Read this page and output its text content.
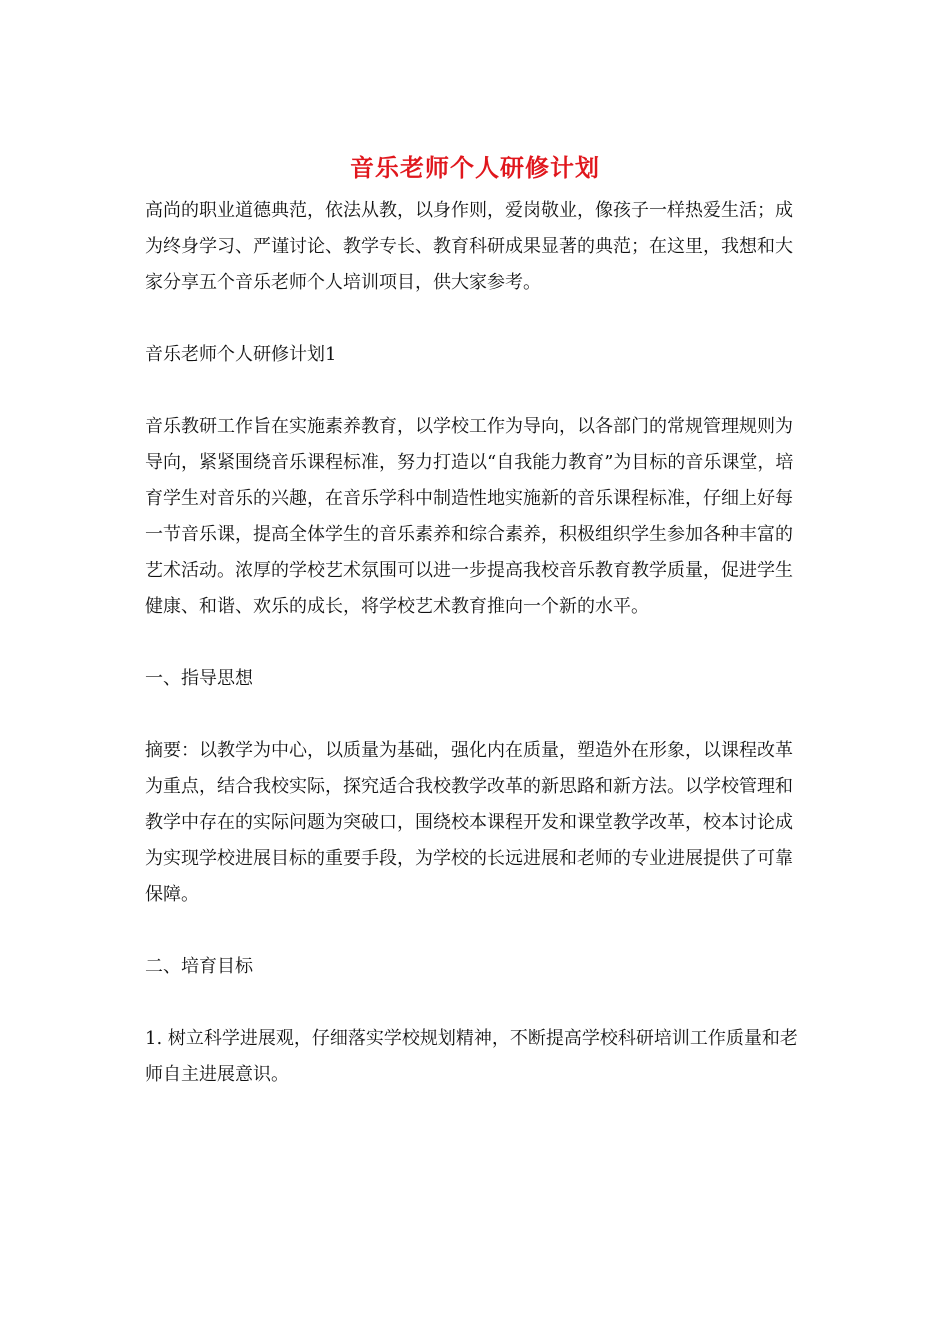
音乐老师个人研修计划

高尚的职业道德典范，依法从教，以身作则，爱岗敬业，像孩子一样热爱生活；成为终身学习、严谨讨论、教学专长、教育科研成果显著的典范；在这里，我想和大家分享五个音乐老师个人培训项目，供大家参考。

音乐老师个人研修计划1

音乐教研工作旨在实施素养教育，以学校工作为导向，以各部门的常规管理规则为导向，紧紧围绕音乐课程标准，努力打造以“自我能力教育”为目标的音乐课堂，培育学生对音乐的兴趣，在音乐学科中制造性地实施新的音乐课程标准，仔细上好每一节音乐课，提高全体学生的音乐素养和综合素养，积极组织学生参加各种丰富的艺术活动。浓厚的学校艺术氛围可以进一步提高我校音乐教育教学质量，促进学生健康、和谐、欢乐的成长，将学校艺术教育推向一个新的水平。

一、指导思想

摘要：以教学为中心，以质量为基础，强化内在质量，塑造外在形象，以课程改革为重点，结合我校实际，探究适合我校教学改革的新思路和新方法。以学校管理和教学中存在的实际问题为突破口，围绕校本课程开发和课堂教学改革，校本讨论成为实现学校进展目标的重要手段，为学校的长远进展和老师的专业进展提供了可靠保障。

二、培育目标

1. 树立科学进展观，仔细落实学校规划精神，不断提高学校科研培训工作质量和老师自主进展意识。
